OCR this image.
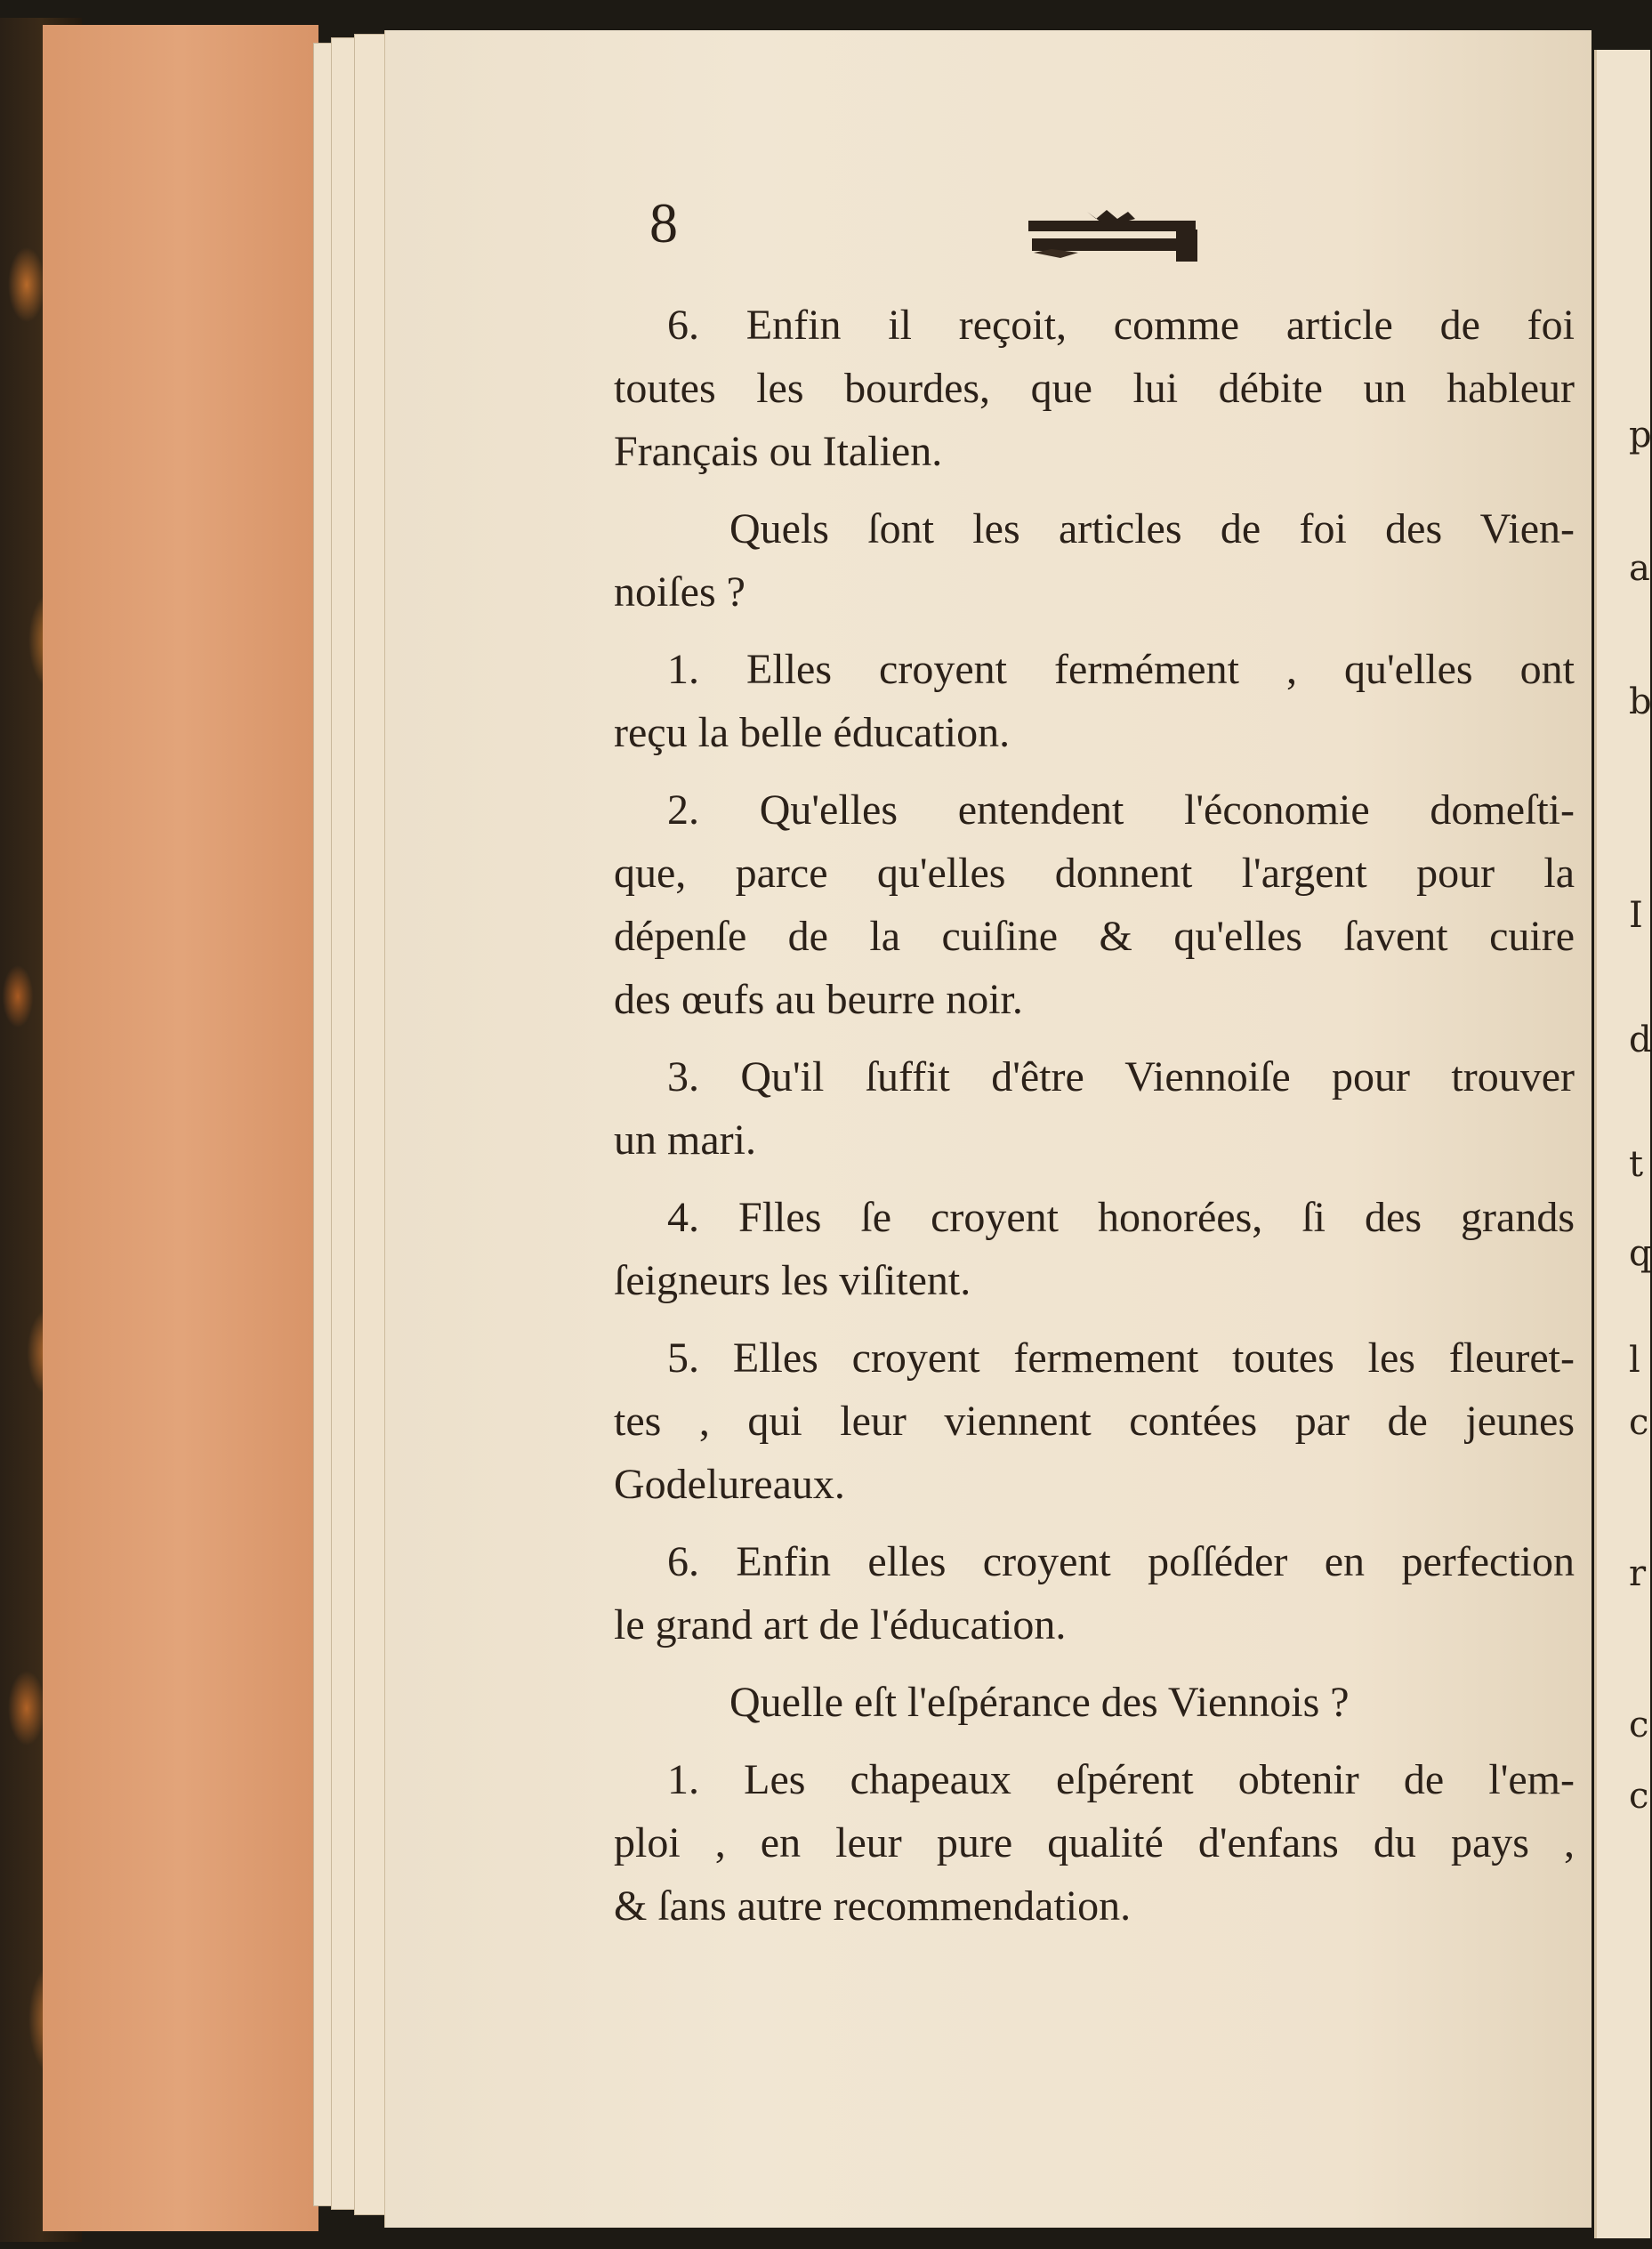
p
a
b
I
d
t
q
l
c
r
c
c
8
6. Enfin il reçoit, comme article de foi
toutes les bourdes, que lui débite un hableur
Français ou Italien.
Quels ſont les articles de foi des Vien-
noiſes ?
1. Elles croyent fermément , qu'elles ont
reçu la belle éducation.
2. Qu'elles entendent l'économie domeſti-
que, parce qu'elles donnent l'argent pour la
dépenſe de la cuiſine & qu'elles ſavent cuire
des œufs au beurre noir.
3. Qu'il ſuffit d'être Viennoiſe pour trouver
un mari.
4. Flles ſe croyent honorées, ſi des grands
ſeigneurs les viſitent.
5. Elles croyent fermement toutes les fleuret-
tes , qui leur viennent contées par de jeunes
Godelureaux.
6. Enfin elles croyent poſſéder en perfection
le grand art de l'éducation.
Quelle eſt l'eſpérance des Viennois ?
1. Les chapeaux eſpérent obtenir de l'em-
ploi , en leur pure qualité d'enfans du pays ,
& ſans autre recommendation.
